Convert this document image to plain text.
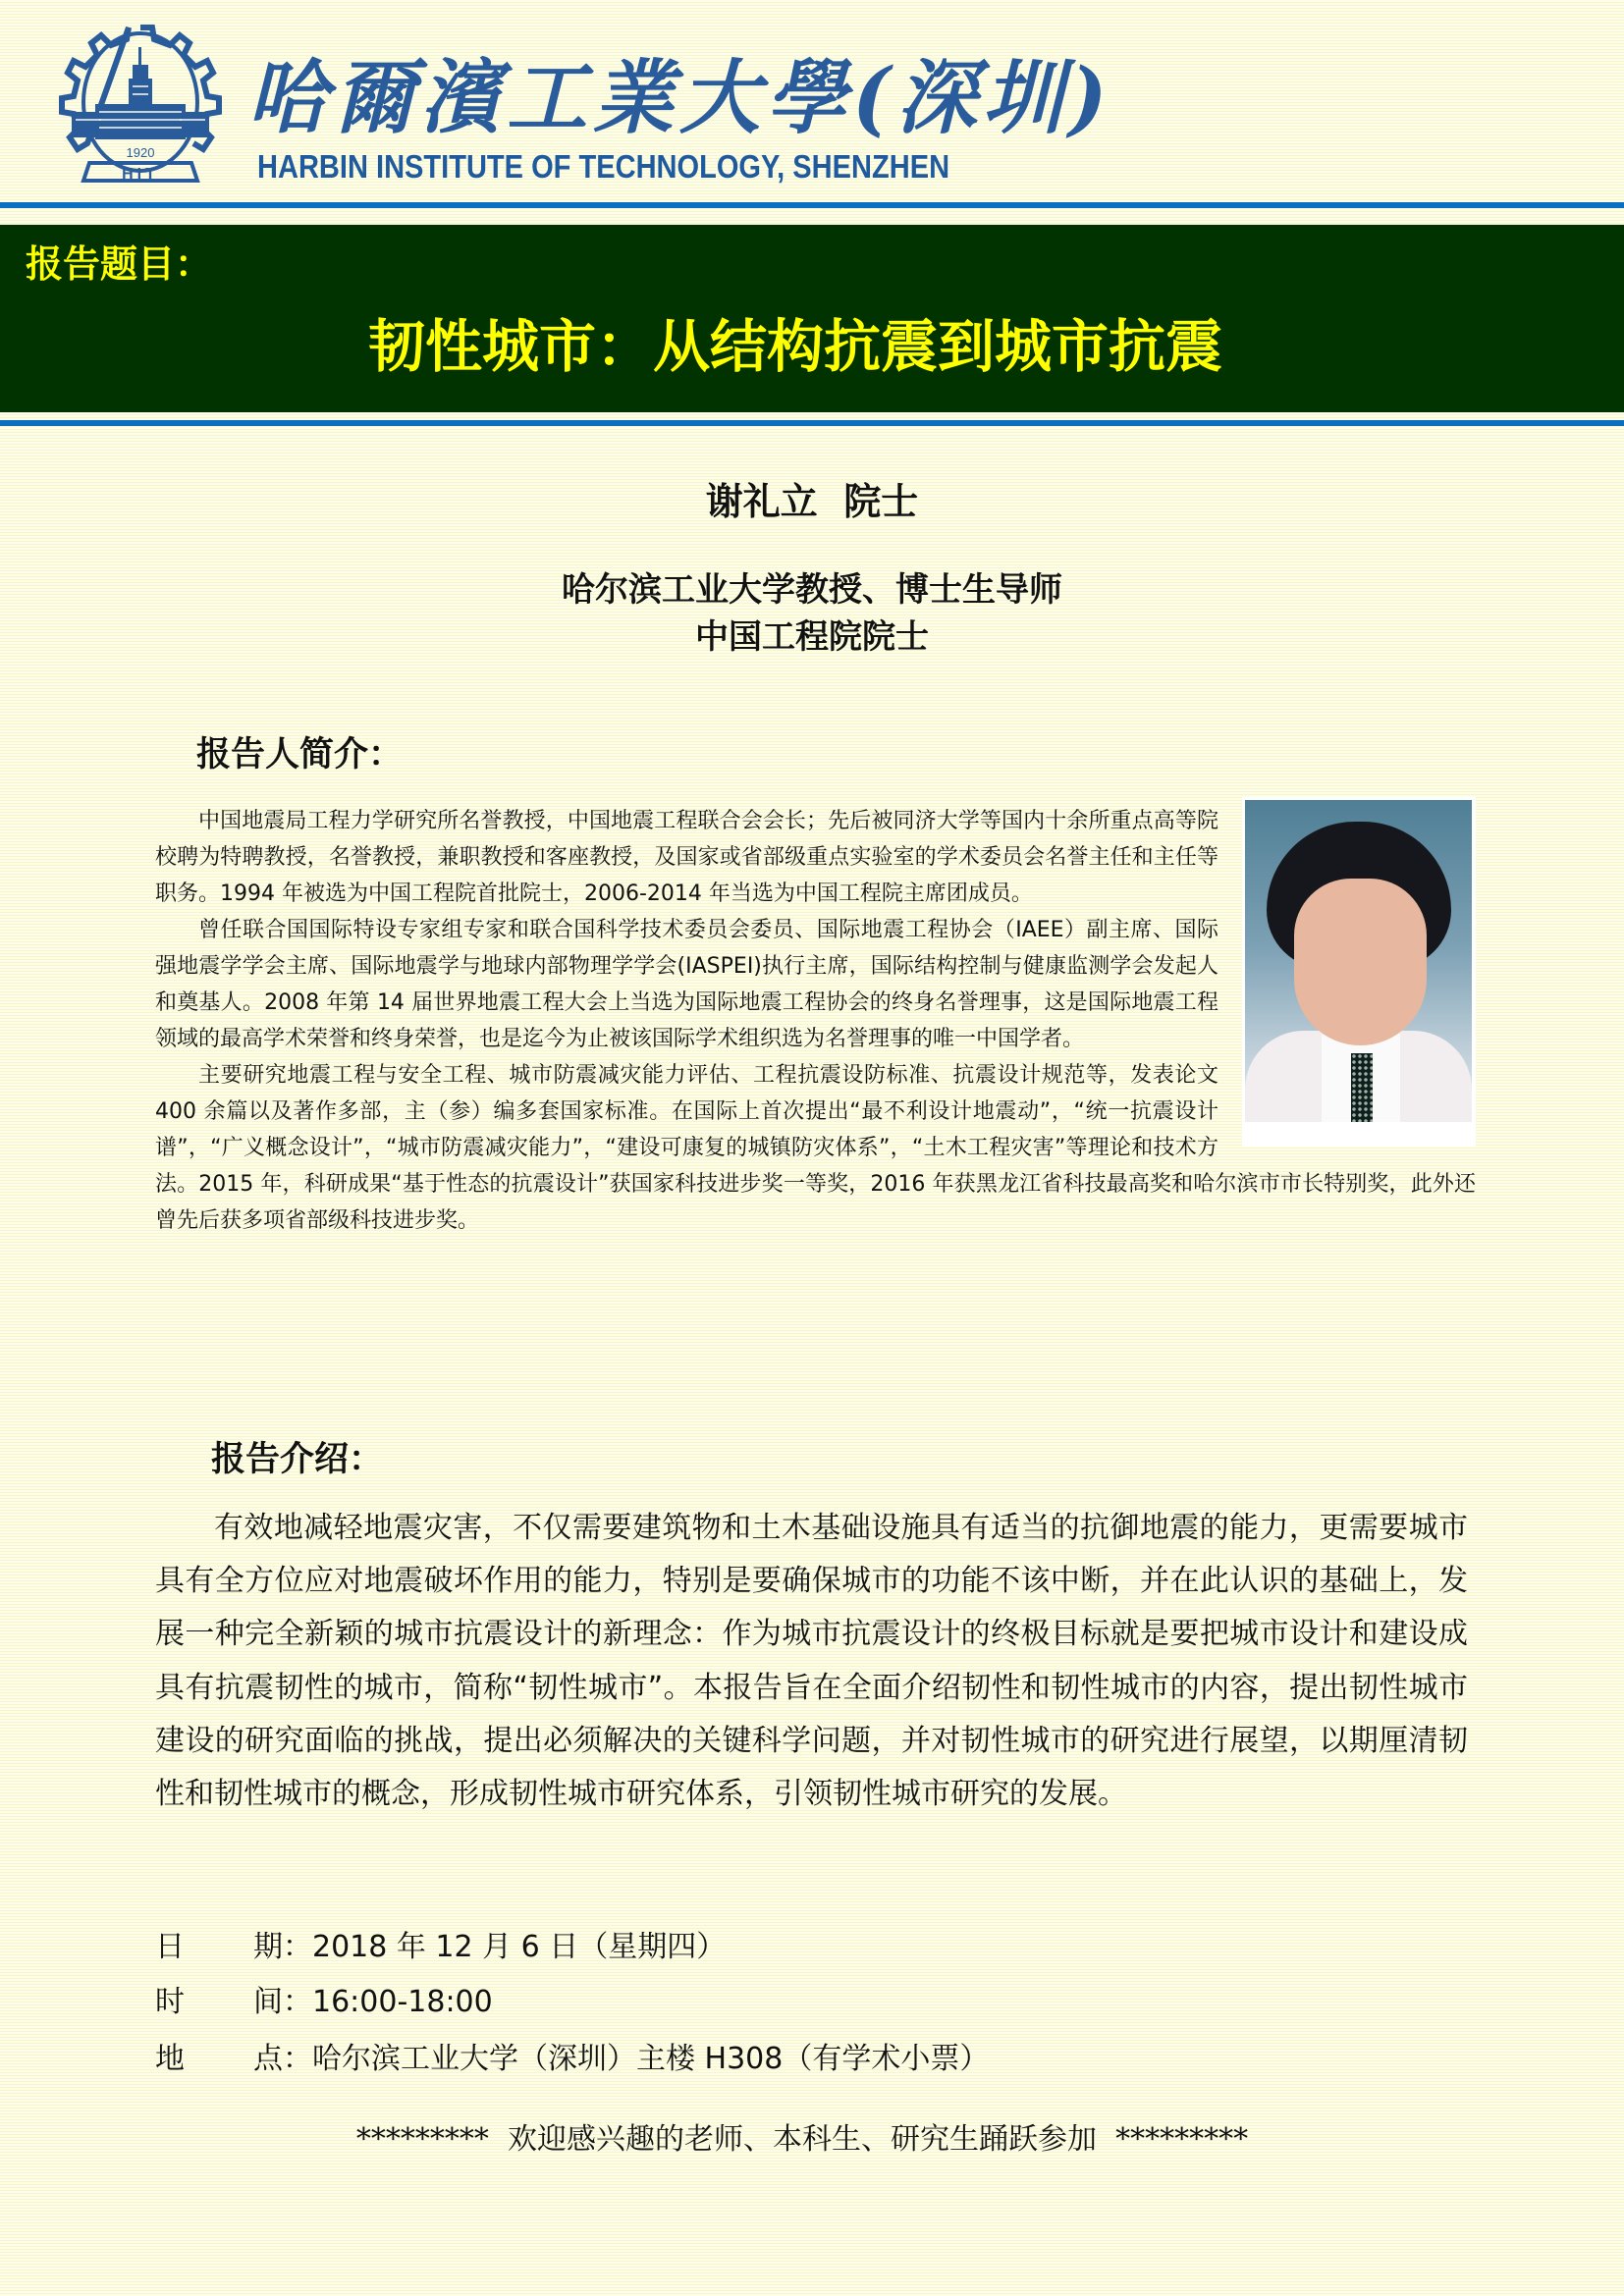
1920
HIT
哈爾濱工業大學(深圳)
HARBIN INSTITUTE OF TECHNOLOGY, SHENZHEN
报告题目：
韧性城市：从结构抗震到城市抗震
谢礼立  院士
哈尔滨工业大学教授、博士生导师
中国工程院院士
报告人简介：

中国地震局工程力学研究所名誉教授，中国地震工程联合会会长；先后被同济大学等国内十余所重点高等院校聘为特聘教授，名誉教授，兼职教授和客座教授，及国家或省部级重点实验室的学术委员会名誉主任和主任等职务。1994 年被选为中国工程院首批院士，2006-2014 年当选为中国工程院主席团成员。

曾任联合国国际特设专家组专家和联合国科学技术委员会委员、国际地震工程协会（IAEE）副主席、国际强地震学学会主席、国际地震学与地球内部物理学学会(IASPEI)执行主席，国际结构控制与健康监测学会发起人和奠基人。2008 年第 14 届世界地震工程大会上当选为国际地震工程协会的终身名誉理事，这是国际地震工程领域的最高学术荣誉和终身荣誉，也是迄今为止被该国际学术组织选为名誉理事的唯一中国学者。

主要研究地震工程与安全工程、城市防震减灾能力评估、工程抗震设防标准、抗震设计规范等，发表论文 400 余篇以及著作多部，主（参）编多套国家标准。在国际上首次提出“最不利设计地震动”，“统一抗震设计谱”，“广义概念设计”，“城市防震减灾能力”，“建设可康复的城镇防灾体系”，“土木工程灾害”等理论和技术方法。2015 年，科研成果“基于性态的抗震设计”获国家科技进步奖一等奖，2016 年获黑龙江省科技最高奖和哈尔滨市市长特别奖，此外还曾先后获多项省部级科技进步奖。

报告介绍：

有效地减轻地震灾害，不仅需要建筑物和土木基础设施具有适当的抗御地震的能力，更需要城市具有全方位应对地震破坏作用的能力，特别是要确保城市的功能不该中断，并在此认识的基础上，发展一种完全新颖的城市抗震设计的新理念：作为城市抗震设计的终极目标就是要把城市设计和建设成具有抗震韧性的城市，简称“韧性城市”。本报告旨在全面介绍韧性和韧性城市的内容，提出韧性城市建设的研究面临的挑战，提出必须解决的关键科学问题，并对韧性城市的研究进行展望，以期厘清韧性和韧性城市的概念，形成韧性城市研究体系，引领韧性城市研究的发展。

日 期：2018 年 12 月 6 日（星期四）
时 间：16:00-18:00
地 点：哈尔滨工业大学（深圳）主楼 H308（有学术小票）
*********  欢迎感兴趣的老师、本科生、研究生踊跃参加  *********
